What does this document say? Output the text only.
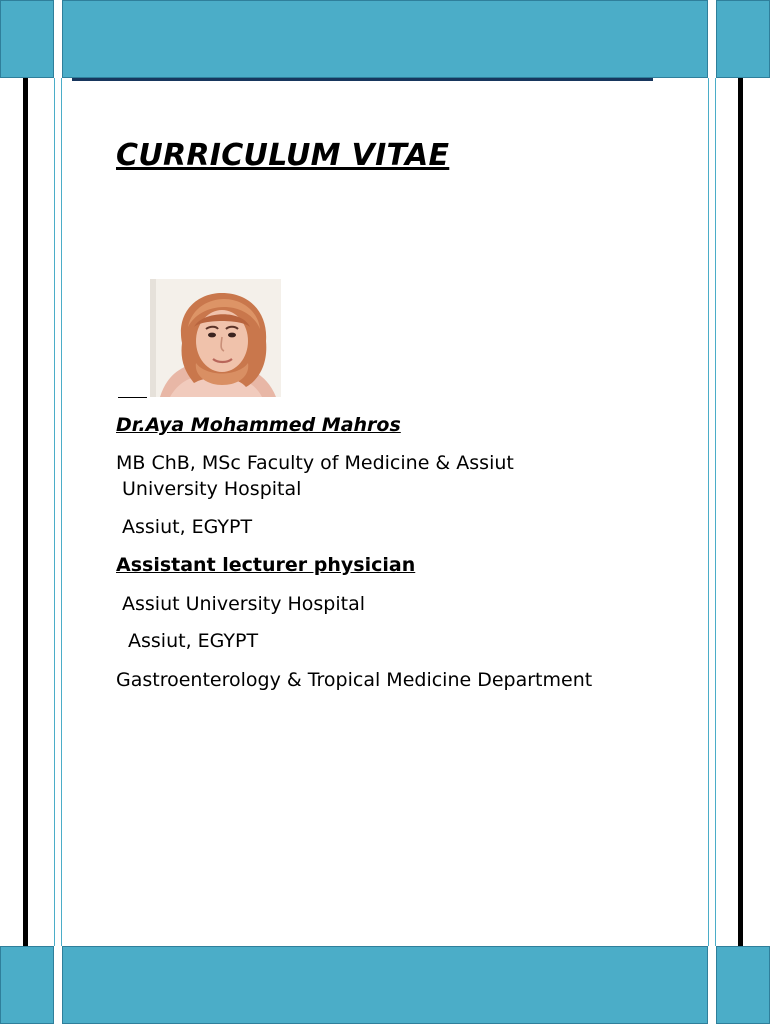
CURRICULUM VITAE

Dr.Aya Mohammed Mahros

MB ChB, MSc Faculty of Medicine & Assiut

University Hospital

Assiut, EGYPT

Assistant lecturer physician

Assiut University Hospital

Assiut, EGYPT

Gastroenterology & Tropical Medicine Department
